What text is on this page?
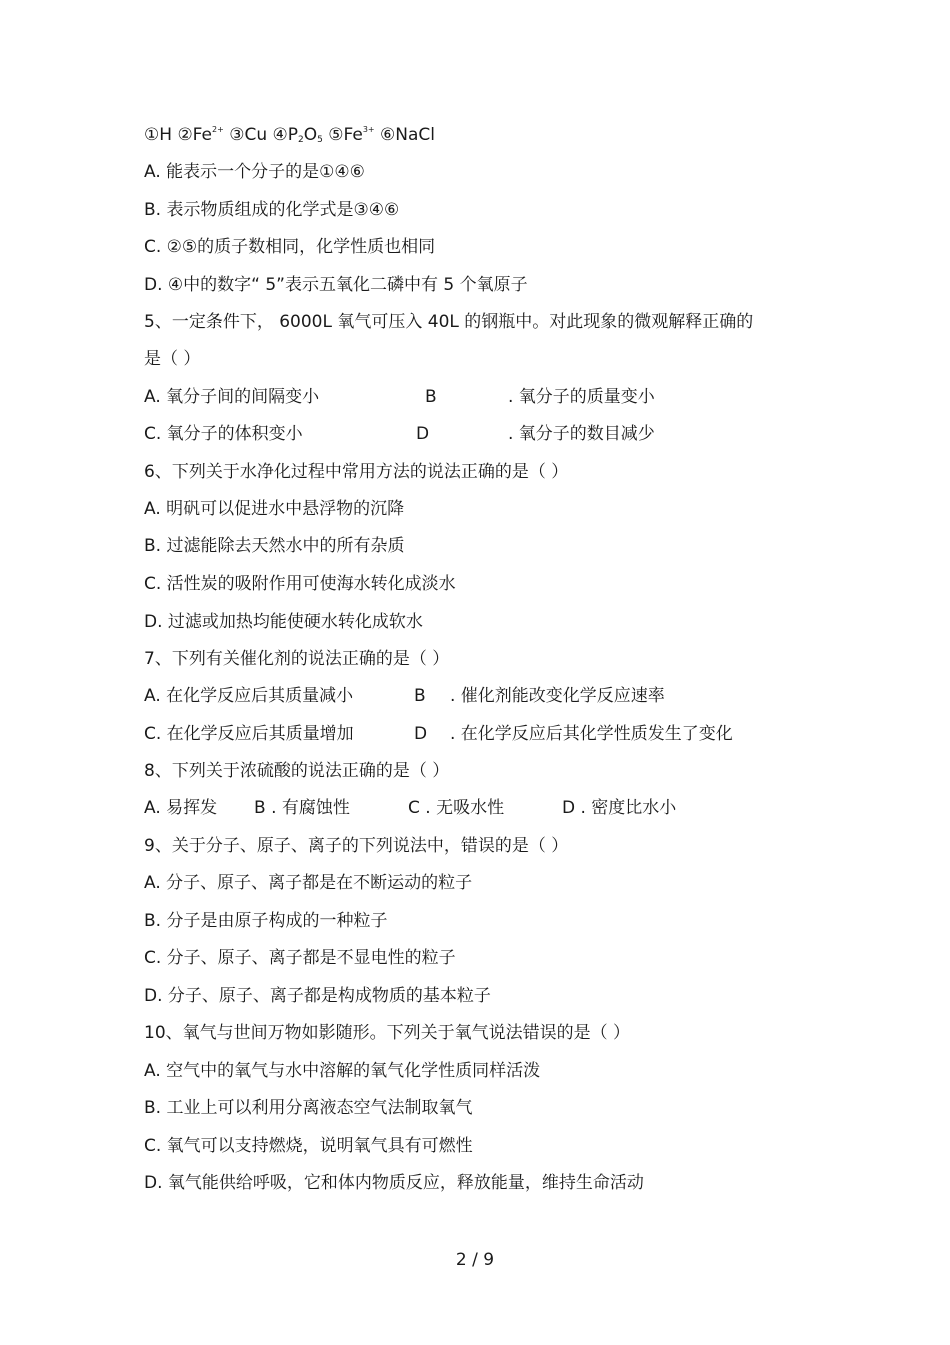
①H $②Fe^{2+}$ ③Cu $④P_2O_5$ $⑤Fe^{3+}$ ⑥NaCl
A. 能表示一个分子的是①④⑥
B. 表示物质组成的化学式是③④⑥
C. ②⑤的质子数相同，化学性质也相同
D. ④中的数字“ 5”表示五氧化二磷中有 5 个氧原子
5、一定条件下， 6000L 氧气可压入 40L 的钢瓶中。对此现象的微观解释正确的
是（ ）
A. 氧分子间的间隔变小	B	. 氧分子的质量变小
C. 氧分子的体积变小	D	. 氧分子的数目减少
6、下列关于水净化过程中常用方法的说法正确的是（ ）
A. 明矾可以促进水中悬浮物的沉降
B. 过滤能除去天然水中的所有杂质
C. 活性炭的吸附作用可使海水转化成淡水
D. 过滤或加热均能使硬水转化成软水
7、下列有关催化剂的说法正确的是（ ）
A. 在化学反应后其质量减小	B . 催化剂能改变化学反应速率
C. 在化学反应后其质量增加	D . 在化学反应后其化学性质发生了变化
8、下列关于浓硫酸的说法正确的是（ ）
A. 易挥发 B . 有腐蚀性	C . 无吸水性	D . 密度比水小
9、关于分子、原子、离子的下列说法中，错误的是（ ）
A. 分子、原子、离子都是在不断运动的粒子
B. 分子是由原子构成的一种粒子
C. 分子、原子、离子都是不显电性的粒子
D. 分子、原子、离子都是构成物质的基本粒子
10、氧气与世间万物如影随形。下列关于氧气说法错误的是（ ）
A. 空气中的氧气与水中溶解的氧气化学性质同样活泼
B. 工业上可以利用分离液态空气法制取氧气
C. 氧气可以支持燃烧，说明氧气具有可燃性
D. 氧气能供给呼吸，它和体内物质反应，释放能量，维持生命活动
2 / 9
